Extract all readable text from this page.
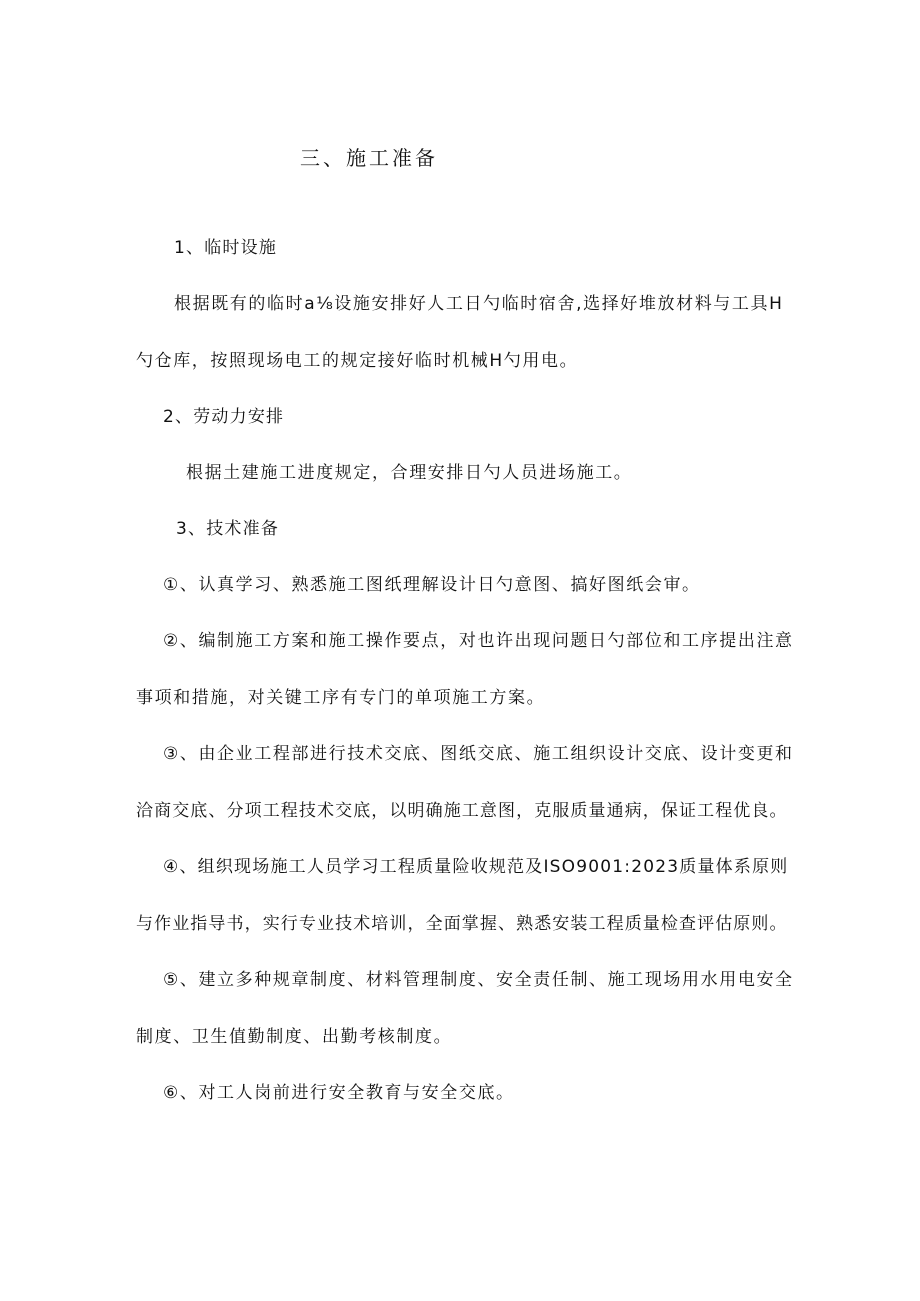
三、施工准备
1、临时设施
根据既有的临时a⅛设施安排好人工日勺临时宿舍,选择好堆放材料与工具H
勺仓库，按照现场电工的规定接好临时机械H勺用电。
2、劳动力安排
根据土建施工进度规定，合理安排日勺人员进场施工。
3、技术准备
①、认真学习、熟悉施工图纸理解设计日勺意图、搞好图纸会审。
②、编制施工方案和施工操作要点，对也许出现问题日勺部位和工序提出注意
事项和措施，对关键工序有专门的单项施工方案。
③、由企业工程部进行技术交底、图纸交底、施工组织设计交底、设计变更和
洽商交底、分项工程技术交底，以明确施工意图，克服质量通病，保证工程优良。
④、组织现场施工人员学习工程质量险收规范及ISO9001:2023质量体系原则
与作业指导书，实行专业技术培训，全面掌握、熟悉安装工程质量检查评估原则。
⑤、建立多种规章制度、材料管理制度、安全责任制、施工现场用水用电安全
制度、卫生值勤制度、出勤考核制度。
⑥、对工人岗前进行安全教育与安全交底。
